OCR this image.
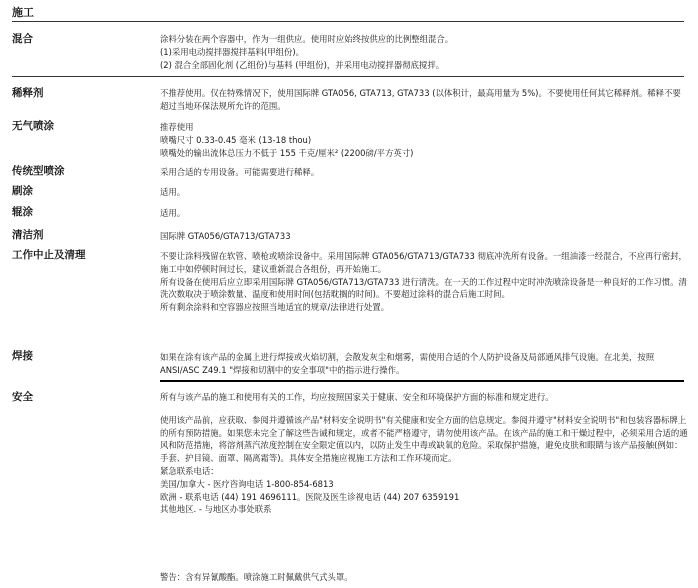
施工
混合	涂料分装在两个容器中，作为一组供应。使用时应始终按供应的比例整组混合。

(1)采用电动搅拌器搅拌基料(甲组份)。

(2) 混合全部固化剂 (乙组份)与基料 (甲组份)，并采用电动搅拌器彻底搅拌。

稀释剂	不推荐使用。仅在特殊情况下，使用国际牌 GTA056, GTA713, GTA733 (以体积计，最高用量为 5%)。不要使用任何其它稀释剂。稀释不要超过当地环保法规所允许的范围。

无气喷涂	推荐使用

喷嘴尺寸 0.33-0.45 毫米 (13-18 thou)

喷嘴处的输出流体总压力不低于 155 千克/厘米² (2200磅/平方英寸)

传统型喷涂	采用合适的专用设备。可能需要进行稀释。

刷涂	适用。

辊涂	适用。

清洁剂	国际牌 GTA056/GTA713/GTA733

工作中止及清理	不要让涂料残留在软管、喷枪或喷涂设备中。采用国际牌 GTA056/GTA713/GTA733 彻底冲洗所有设备。一组油漆一经混合，不应再行密封，施工中如停顿时间过长，建议重新混合各组份，再开始施工。

所有设备在使用后应立即采用国际牌 GTA056/GTA713/GTA733 进行清洗。在一天的工作过程中定时冲洗喷涂设备是一种良好的工作习惯。清洗次数取决于喷涂数量、温度和使用时间(包括耽搁的时间)。不要超过涂料的混合后施工时间。

所有剩余涂料和空容器应按照当地适宜的规章/法律进行处置。

焊接	如果在涂有该产品的金属上进行焊接或火焰切割，会散发灰尘和烟雾，需使用合适的个人防护设备及局部通风排气设施。在北美，按照 ANSI/ASC Z49.1 "焊接和切割中的安全事项"中的指示进行操作。

安全	所有与该产品的施工和使用有关的工作，均应按照国家关于健康、安全和环境保护方面的标准和规定进行。

使用该产品前，应获取、参阅并遵循该产品"材料安全说明书"有关健康和安全方面的信息规定。参阅并遵守"材料安全说明书"和包装容器标牌上的所有预防措施。如果您未完全了解这些告诫和规定，或者不能严格遵守，请勿使用该产品。在该产品的施工和干燥过程中，必须采用合适的通风和防范措施，将溶剂蒸汽浓度控制在安全限定值以内，以防止发生中毒或缺氧的危险。采取保护措施，避免皮肤和眼睛与该产品接触(例如：手套、护目镜、面罩、隔离霜等)。具体安全措施应视施工方法和工作环境而定。

紧急联系电话：

美国/加拿大 - 医疗咨询电话 1-800-854-6813

欧洲 - 联系电话 (44) 191 4696111。医院及医生诊视电话 (44) 207 6359191

其他地区. - 与地区办事处联系

警告：含有异氰酸酯。喷涂施工时佩戴供气式头罩。
